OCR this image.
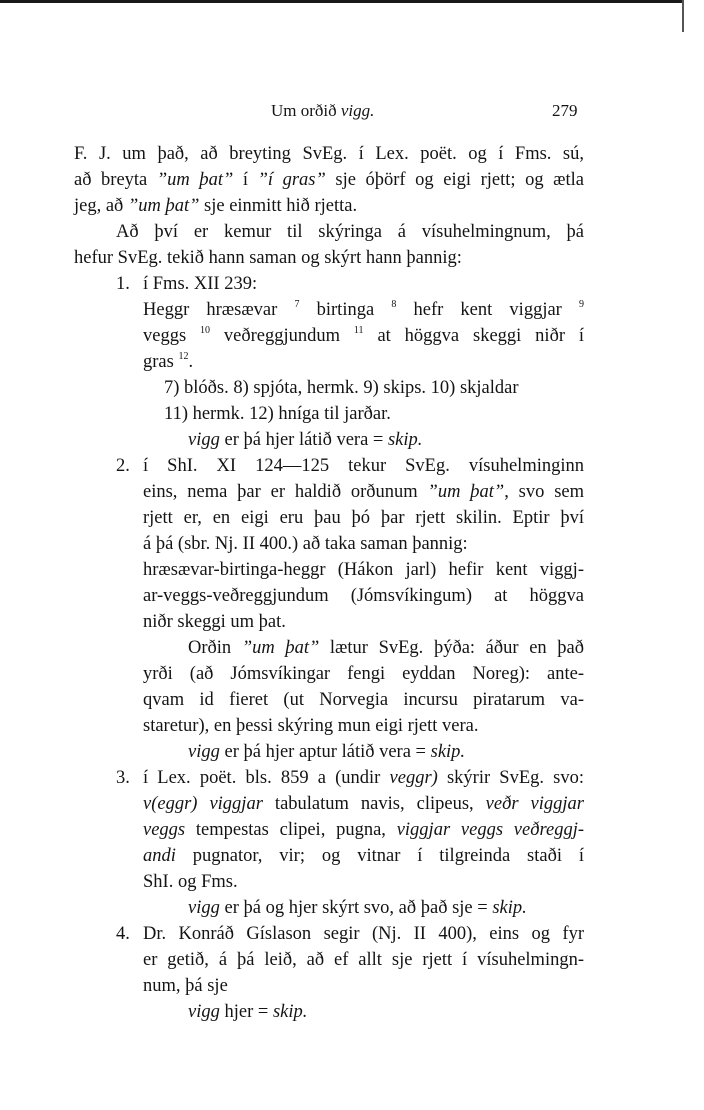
Um orðið vigg.	279
F. J. um það, að breyting SvEg. í Lex. poët. og í Fms. sú,
að breyta ”um þat” í ”í gras” sje óþörf og eigi rjett; og ætla
jeg, að ”um þat” sje einmitt hið rjetta.
Að því er kemur til skýringa á vísuhelmingnum, þá
hefur SvEg. tekið hann saman og skýrt hann þannig:
1. í Fms. XII 239:
Heggr hræsævar $^7$ birtinga $^8$ hefr kent viggjar $^9$
veggs $^{10}$ veðreggjundum $^{11}$ at höggva skeggi niðr í
gras $^{12}$.
7) blóðs. 8) spjóta, hermk. 9) skips. 10) skjaldar
11) hermk. 12) hníga til jarðar.
vigg er þá hjer látið vera = skip.
2. í ShI. XI 124—125 tekur SvEg. vísuhelminginn
eins, nema þar er haldið orðunum ”um þat”, svo sem
rjett er, en eigi eru þau þó þar rjett skilin. Eptir því
á þá (sbr. Nj. II 400.) að taka saman þannig:
hræsævar-birtinga-heggr (Hákon jarl) hefir kent viggj-
ar-veggs-veðreggjundum (Jómsvíkingum) at höggva
niðr skeggi um þat.
Orðin ”um þat” lætur SvEg. þýða: áður en það
yrði (að Jómsvíkingar fengi eyddan Noreg): ante-
qvam id fieret (ut Norvegia incursu piratarum va-
staretur), en þessi skýring mun eigi rjett vera.
vigg er þá hjer aptur látið vera = skip.
3. í Lex. poët. bls. 859 a (undir veggr) skýrir SvEg. svo:
v(eggr) viggjar tabulatum navis, clipeus, veðr viggjar
veggs tempestas clipei, pugna, viggjar veggs veðreggj-
andi pugnator, vir; og vitnar í tilgreinda staði í
ShI. og Fms.
vigg er þá og hjer skýrt svo, að það sje = skip.
4. Dr. Konráð Gíslason segir (Nj. II 400), eins og fyr
er getið, á þá leið, að ef allt sje rjett í vísuhelmingn-
num, þá sje
vigg hjer = skip.
